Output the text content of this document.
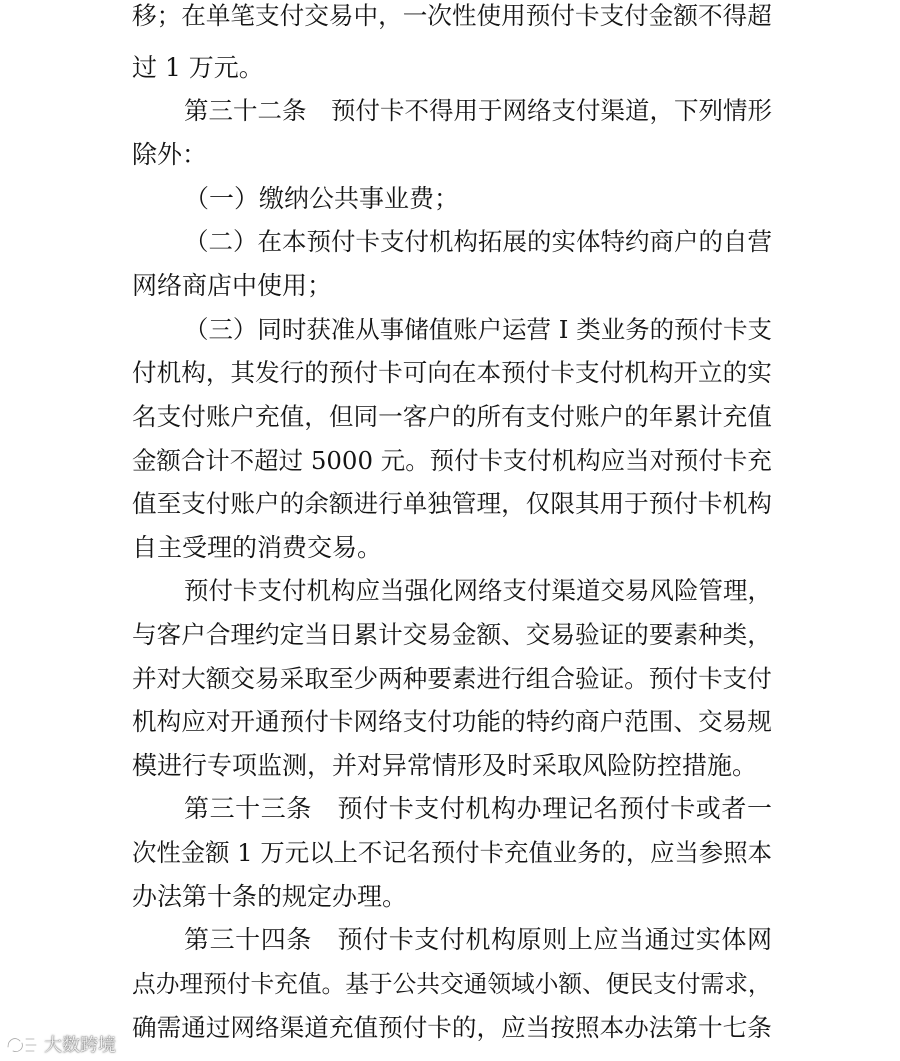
移；在单笔支付交易中，一次性使用预付卡支付金额不得超
过 1 万元。
第三十二条　预付卡不得用于网络支付渠道，下列情形
除外：
（一）缴纳公共事业费；
（二）在本预付卡支付机构拓展的实体特约商户的自营
网络商店中使用；
（三）同时获准从事储值账户运营 I 类业务的预付卡支
付机构，其发行的预付卡可向在本预付卡支付机构开立的实
名支付账户充值，但同一客户的所有支付账户的年累计充值
金额合计不超过 5000 元。预付卡支付机构应当对预付卡充
值至支付账户的余额进行单独管理，仅限其用于预付卡机构
自主受理的消费交易。
预付卡支付机构应当强化网络支付渠道交易风险管理，
与客户合理约定当日累计交易金额、交易验证的要素种类，
并对大额交易采取至少两种要素进行组合验证。预付卡支付
机构应对开通预付卡网络支付功能的特约商户范围、交易规
模进行专项监测，并对异常情形及时采取风险防控措施。
第三十三条　预付卡支付机构办理记名预付卡或者一
次性金额 1 万元以上不记名预付卡充值业务的，应当参照本
办法第十条的规定办理。
第三十四条　预付卡支付机构原则上应当通过实体网
点办理预付卡充值。基于公共交通领域小额、便民支付需求，
确需通过网络渠道充值预付卡的，应当按照本办法第十七条
大数跨境
